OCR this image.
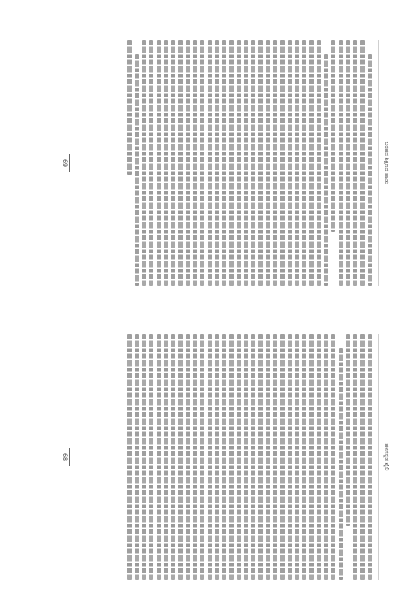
ಬರಹದ ಶಿಕ್ಷಣದ ಹಾಡು
69
ಹಳಗನ್ನಡ ಶೈಲಿ
68
